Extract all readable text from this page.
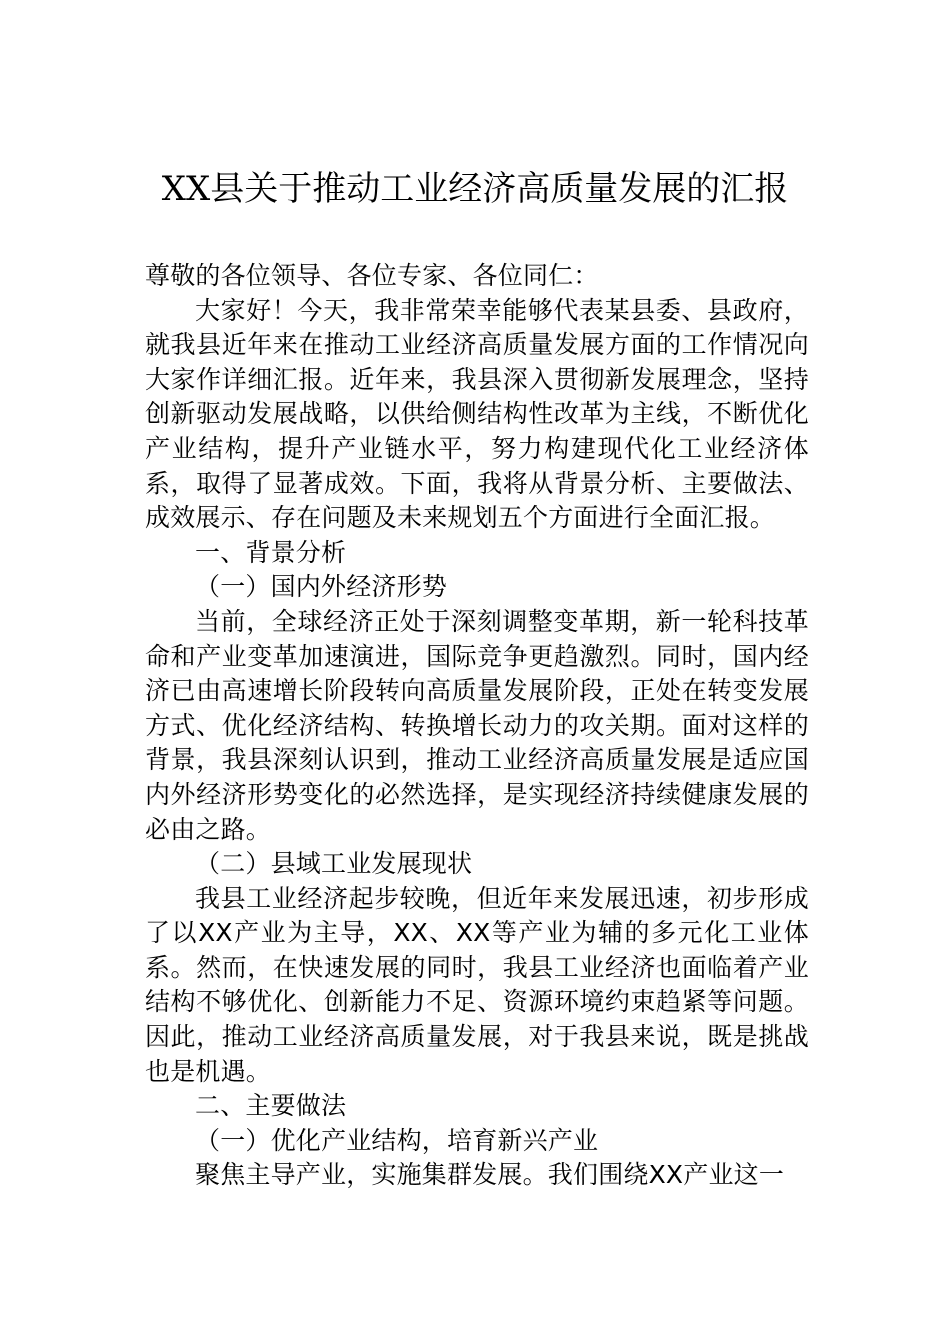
XX县关于推动工业经济高质量发展的汇报

尊敬的各位领导、各位专家、各位同仁：

大家好！今天，我非常荣幸能够代表某县委、县政府，就我县近年来在推动工业经济高质量发展方面的工作情况向大家作详细汇报。近年来，我县深入贯彻新发展理念，坚持创新驱动发展战略，以供给侧结构性改革为主线，不断优化产业结构，提升产业链水平，努力构建现代化工业经济体系，取得了显著成效。下面，我将从背景分析、主要做法、成效展示、存在问题及未来规划五个方面进行全面汇报。

一、背景分析

（一）国内外经济形势

当前，全球经济正处于深刻调整变革期，新一轮科技革命和产业变革加速演进，国际竞争更趋激烈。同时，国内经济已由高速增长阶段转向高质量发展阶段，正处在转变发展方式、优化经济结构、转换增长动力的攻关期。面对这样的背景，我县深刻认识到，推动工业经济高质量发展是适应国内外经济形势变化的必然选择，是实现经济持续健康发展的必由之路。

（二）县域工业发展现状

我县工业经济起步较晚，但近年来发展迅速，初步形成了以XX产业为主导，XX、XX等产业为辅的多元化工业体系。然而，在快速发展的同时，我县工业经济也面临着产业结构不够优化、创新能力不足、资源环境约束趋紧等问题。因此，推动工业经济高质量发展，对于我县来说，既是挑战也是机遇。

二、主要做法

（一）优化产业结构，培育新兴产业

聚焦主导产业，实施集群发展。我们围绕XX产业这一
